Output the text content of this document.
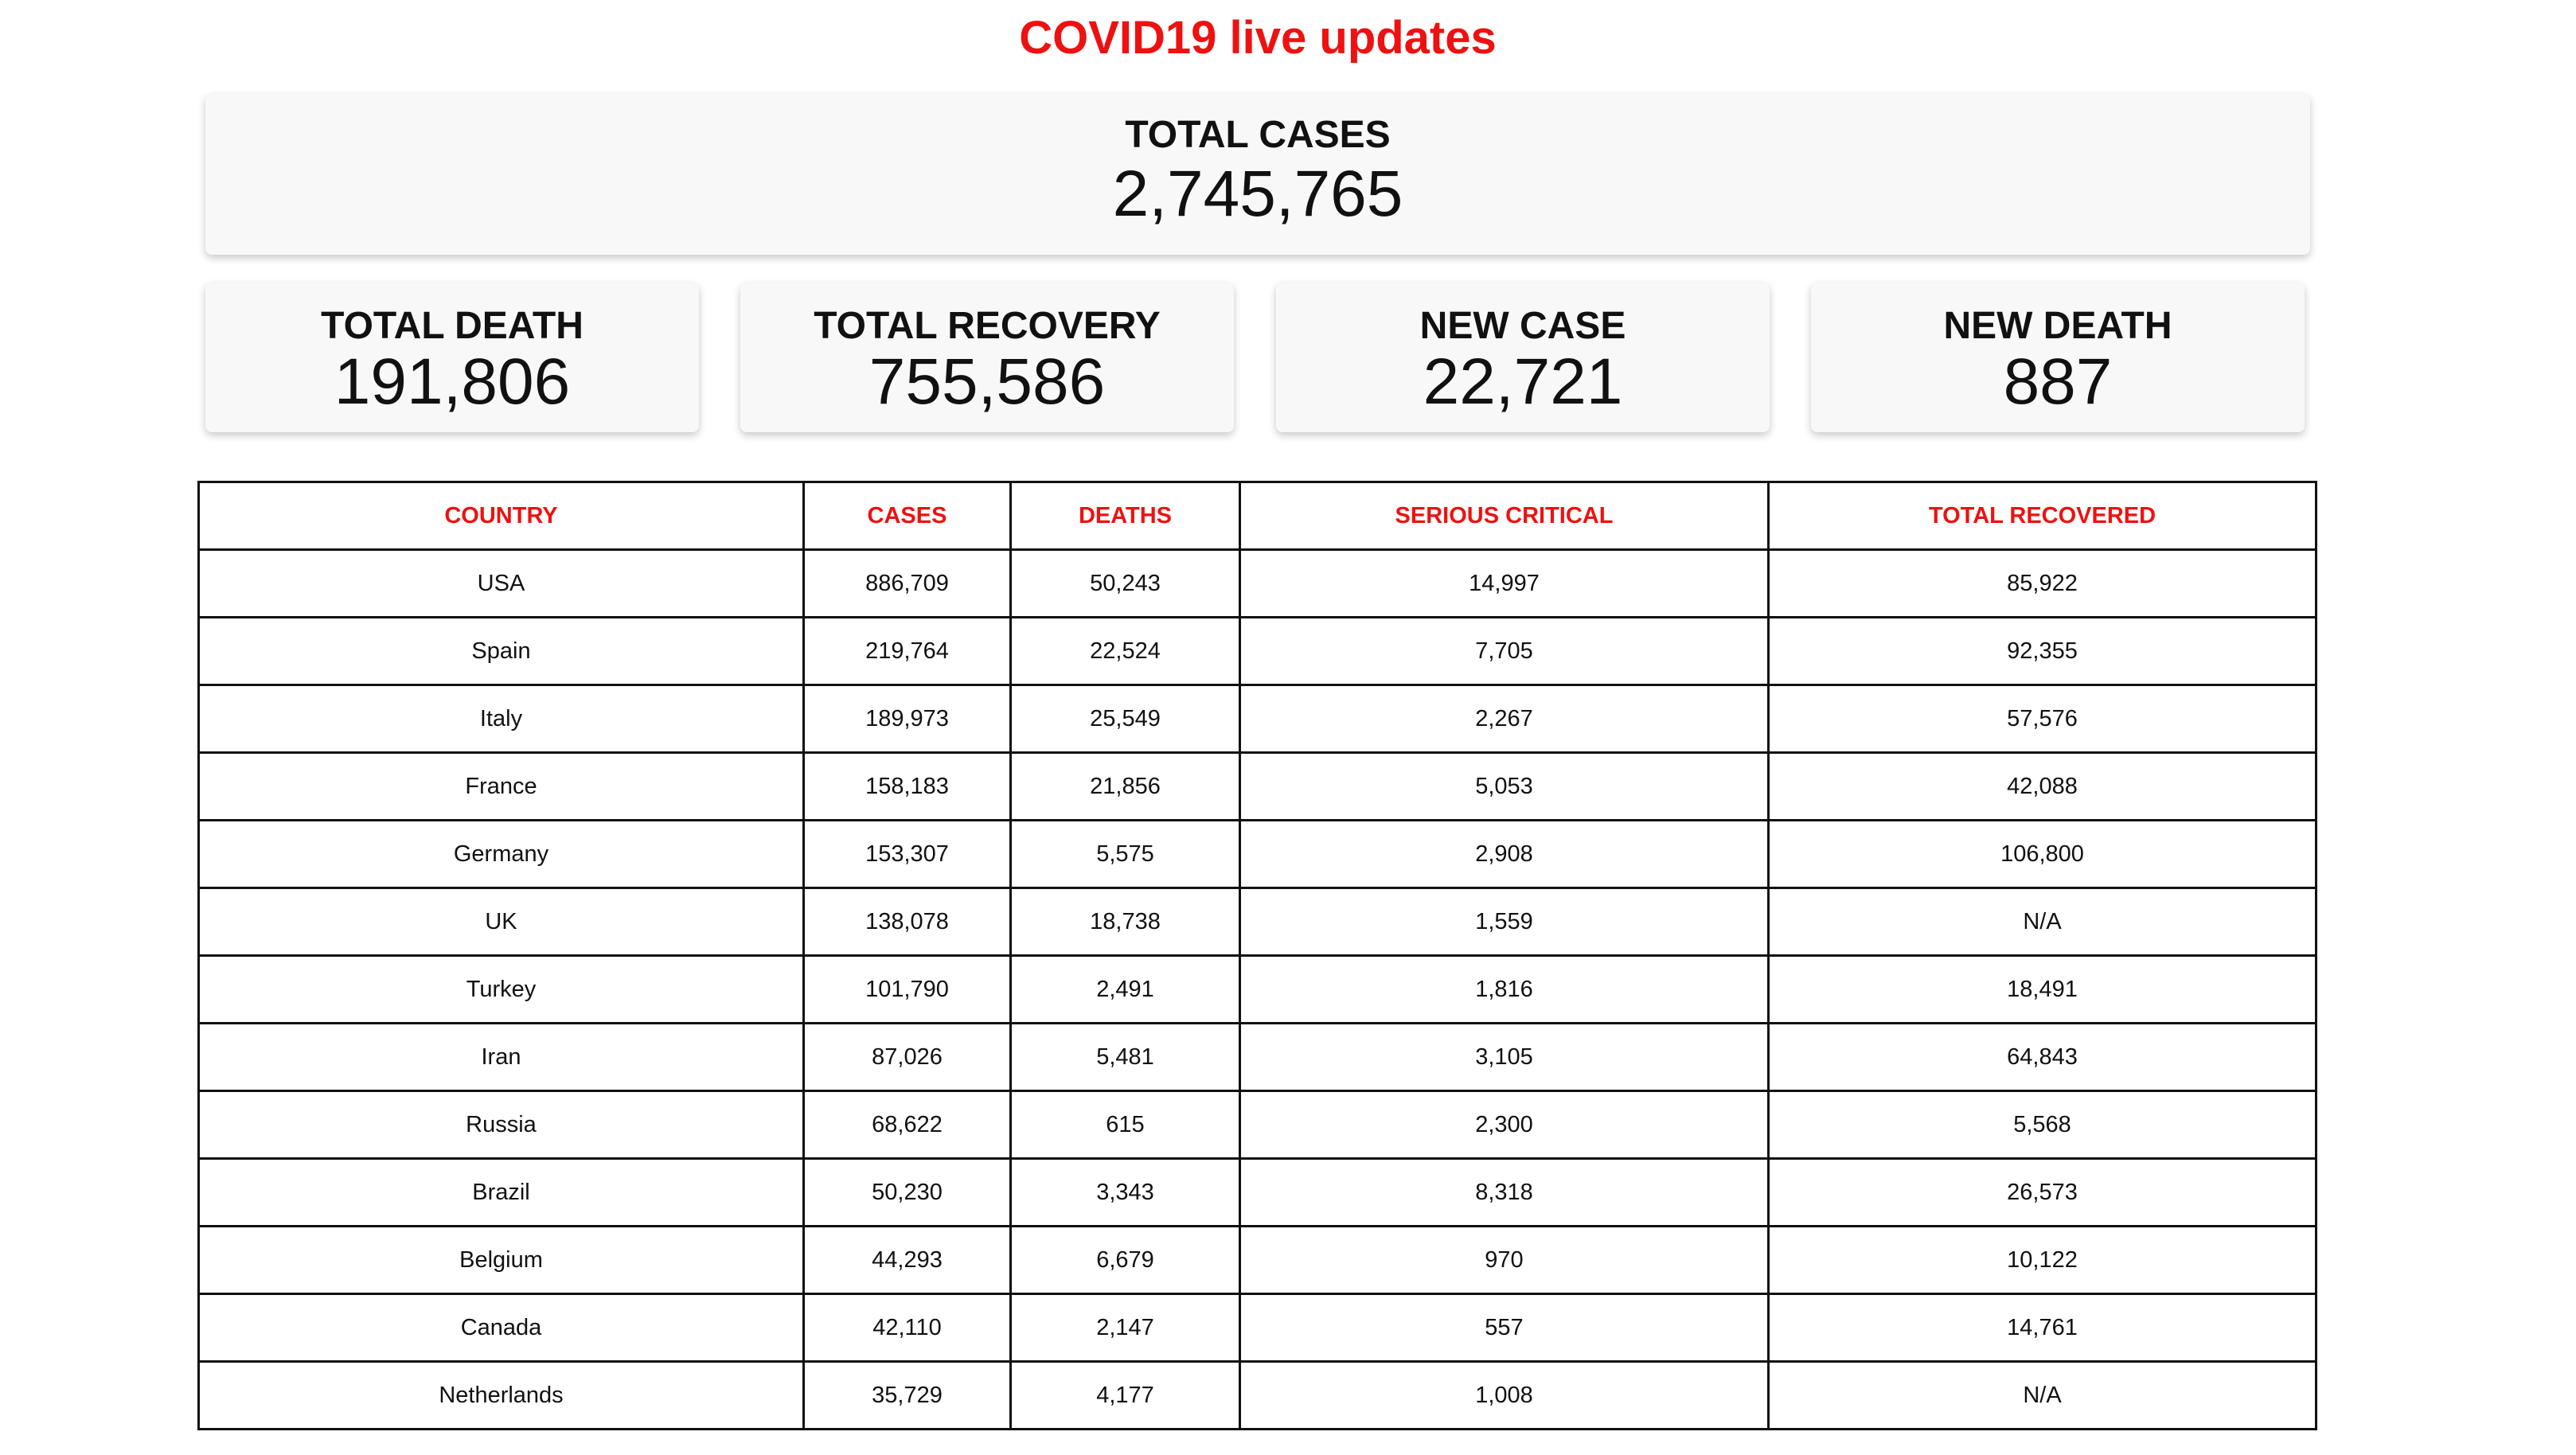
COVID19 live updates
TOTAL CASES
2,745,765
TOTAL DEATH
191,806
TOTAL RECOVERY
755,586
NEW CASE
22,721
NEW DEATH
887
COUNTRY	CASES	DEATHS	SERIOUS CRITICAL	TOTAL RECOVERED
USA	886,709	50,243	14,997	85,922
Spain	219,764	22,524	7,705	92,355
Italy	189,973	25,549	2,267	57,576
France	158,183	21,856	5,053	42,088
Germany	153,307	5,575	2,908	106,800
UK	138,078	18,738	1,559	N/A
Turkey	101,790	2,491	1,816	18,491
Iran	87,026	5,481	3,105	64,843
Russia	68,622	615	2,300	5,568
Brazil	50,230	3,343	8,318	26,573
Belgium	44,293	6,679	970	10,122
Canada	42,110	2,147	557	14,761
Netherlands	35,729	4,177	1,008	N/A
